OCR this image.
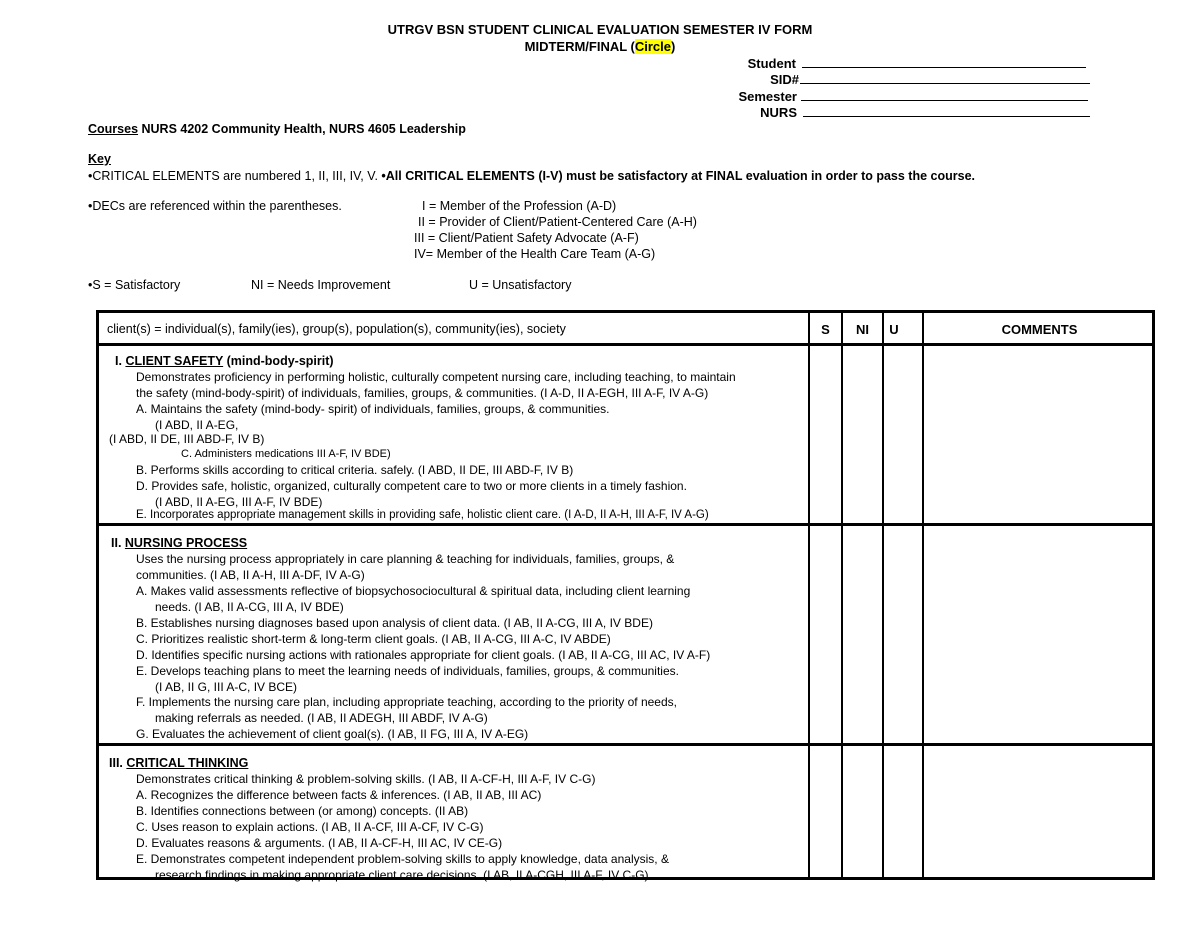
UTRGV BSN STUDENT CLINICAL EVALUATION SEMESTER IV FORM
MIDTERM/FINAL (Circle)
Student
SID#
Semester
NURS
Courses NURS 4202 Community Health, NURS 4605 Leadership
Key
•CRITICAL ELEMENTS are numbered 1, II, III, IV, V. •All CRITICAL ELEMENTS (I-V) must be satisfactory at FINAL evaluation in order to pass the course.
•DECs are referenced within the parentheses.	I = Member of the Profession (A-D)
II = Provider of Client/Patient-Centered Care (A-H)
III = Client/Patient Safety Advocate (A-F)
IV= Member of the Health Care Team (A-G)
•S = Satisfactory	NI = Needs Improvement	U = Unsatisfactory
client(s) = individual(s), family(ies), group(s), population(s), community(ies), society	S	NI	U	COMMENTS
I. CLIENT SAFETY (mind-body-spirit)
Demonstrates proficiency in performing holistic, culturally competent nursing care, including teaching, to maintain
the safety (mind-body-spirit) of individuals, families, groups, & communities. (I A-D, II A-EGH, III A-F, IV A-G)
A. Maintains the safety (mind-body- spirit) of individuals, families, groups, & communities.
(I ABD, II A-EG,
(I ABD, II DE, III ABD-F, IV B)
C. Administers medications III A-F, IV BDE)
B. Performs skills according to critical criteria. safely. (I ABD, II DE, III ABD-F, IV B)
D. Provides safe, holistic, organized, culturally competent care to two or more clients in a timely fashion.
(I ABD, II A-EG, III A-F, IV BDE)
E. Incorporates appropriate management skills in providing safe, holistic client care. (I A-D, II A-H, III A-F, IV A-G)
II. NURSING PROCESS
Uses the nursing process appropriately in care planning & teaching for individuals, families, groups, &
communities. (I AB, II A-H, III A-DF, IV A-G)
A. Makes valid assessments reflective of biopsychosociocultural & spiritual data, including client learning
needs. (I AB, II A-CG, III A, IV BDE)
B. Establishes nursing diagnoses based upon analysis of client data. (I AB, II A-CG, III A, IV BDE)
C. Prioritizes realistic short-term & long-term client goals. (I AB, II A-CG, III A-C, IV ABDE)
D. Identifies specific nursing actions with rationales appropriate for client goals. (I AB, II A-CG, III AC, IV A-F)
E. Develops teaching plans to meet the learning needs of individuals, families, groups, & communities.
(I AB, II G, III A-C, IV BCE)
F. Implements the nursing care plan, including appropriate teaching, according to the priority of needs,
making referrals as needed. (I AB, II ADEGH, III ABDF, IV A-G)
G. Evaluates the achievement of client goal(s). (I AB, II FG, III A, IV A-EG)
III. CRITICAL THINKING
Demonstrates critical thinking & problem-solving skills. (I AB, II A-CF-H, III A-F, IV C-G)
A. Recognizes the difference between facts & inferences. (I AB, II AB, III AC)
B. Identifies connections between (or among) concepts. (II AB)
C. Uses reason to explain actions. (I AB, II A-CF, III A-CF, IV C-G)
D. Evaluates reasons & arguments. (I AB, II A-CF-H, III AC, IV CE-G)
E. Demonstrates competent independent problem-solving skills to apply knowledge, data analysis, &
research findings in making appropriate client care decisions. (I AB, II A-CGH, III A-F, IV C-G)
